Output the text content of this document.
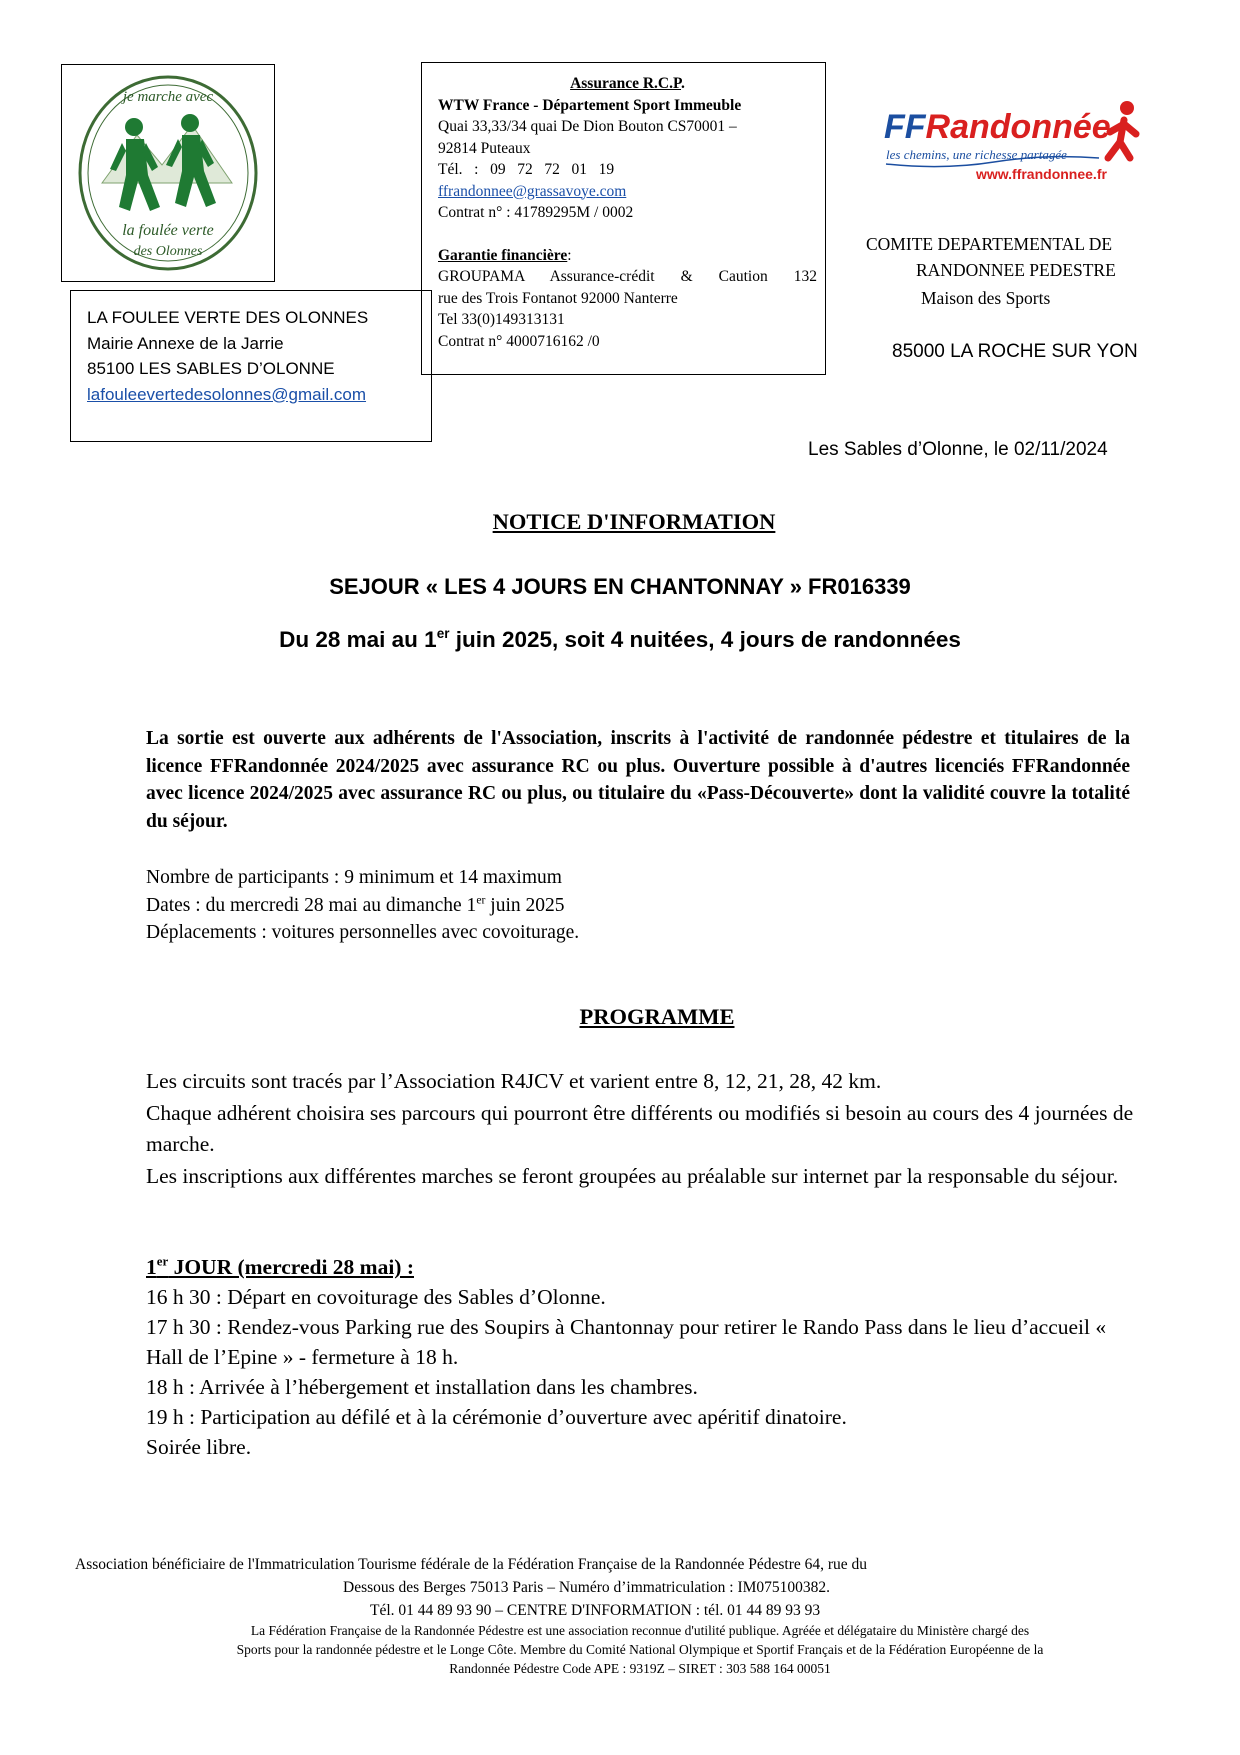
je marche avec
la foulée verte
des Olonnes

LA FOULEE VERTE DES OLONNES

Mairie Annexe de la Jarrie

85100 LES SABLES D’OLONNE

lafouleevertedesolonnes@gmail.com

Assurance R.C.P.

WTW France - Département Sport Immeuble

Quai 33,33/34 quai De Dion Bouton CS70001 –

92814 Puteaux

Tél.   :   09   72   72   01   19

ffrandonnee@grassavoye.com

Contrat n° : 41789295M / 0002

Garantie financière:

GROUPAMA Assurance-crédit & Caution 132

rue des Trois Fontanot 92000 Nanterre

Tel 33(0)149313131

Contrat n° 4000716162 /0

FFRandonnée
les chemins, une richesse partagée
www.ffrandonnee.fr

COMITE DEPARTEMENTAL DE

RANDONNEE PEDESTRE

Maison des Sports

85000 LA ROCHE SUR YON

Les Sables d’Olonne, le 02/11/2024

NOTICE D'INFORMATION

SEJOUR « LES 4 JOURS EN CHANTONNAY » FR016339

Du 28 mai au 1er juin 2025, soit 4 nuitées, 4 jours de randonnées

La sortie est ouverte aux adhérents de l'Association, inscrits à l'activité de randonnée pédestre et titulaires de la licence FFRandonnée 2024/2025 avec assurance RC ou plus. Ouverture possible à d'autres licenciés FFRandonnée avec licence 2024/2025 avec assurance RC ou plus, ou titulaire du «Pass-Découverte» dont la validité couvre la totalité du séjour.

Nombre de participants : 9 minimum et 14 maximum

Dates : du mercredi 28 mai au dimanche 1er juin 2025

Déplacements : voitures personnelles avec covoiturage.

PROGRAMME

Les circuits sont tracés par l’Association R4JCV et varient entre 8, 12, 21, 28, 42 km.

Chaque adhérent choisira ses parcours qui pourront être différents ou modifiés si besoin au cours des 4 journées de marche.

Les inscriptions aux différentes marches se feront groupées au préalable sur internet par la responsable du séjour.

1er JOUR (mercredi 28 mai) :

16 h 30 : Départ en covoiturage des Sables d’Olonne.

17 h 30 : Rendez-vous Parking rue des Soupirs à Chantonnay pour retirer le Rando Pass dans le lieu d’accueil « Hall de l’Epine » - fermeture à 18 h.

18 h : Arrivée à l’hébergement et installation dans les chambres.

19 h : Participation au défilé et à la cérémonie d’ouverture avec apéritif dinatoire.

Soirée libre.

Association bénéficiaire de l'Immatriculation Tourisme fédérale de la Fédération Française de la Randonnée Pédestre 64, rue du

Dessous des Berges 75013 Paris – Numéro d’immatriculation : IM075100382.

Tél. 01 44 89 93 90 – CENTRE D'INFORMATION : tél. 01 44 89 93 93

La Fédération Française de la Randonnée Pédestre est une association reconnue d'utilité publique. Agréée et délégataire du Ministère chargé des

Sports pour la randonnée pédestre et le Longe Côte. Membre du Comité National Olympique et Sportif Français et de la Fédération Européenne de la

Randonnée Pédestre Code APE : 9319Z – SIRET : 303 588 164 00051
